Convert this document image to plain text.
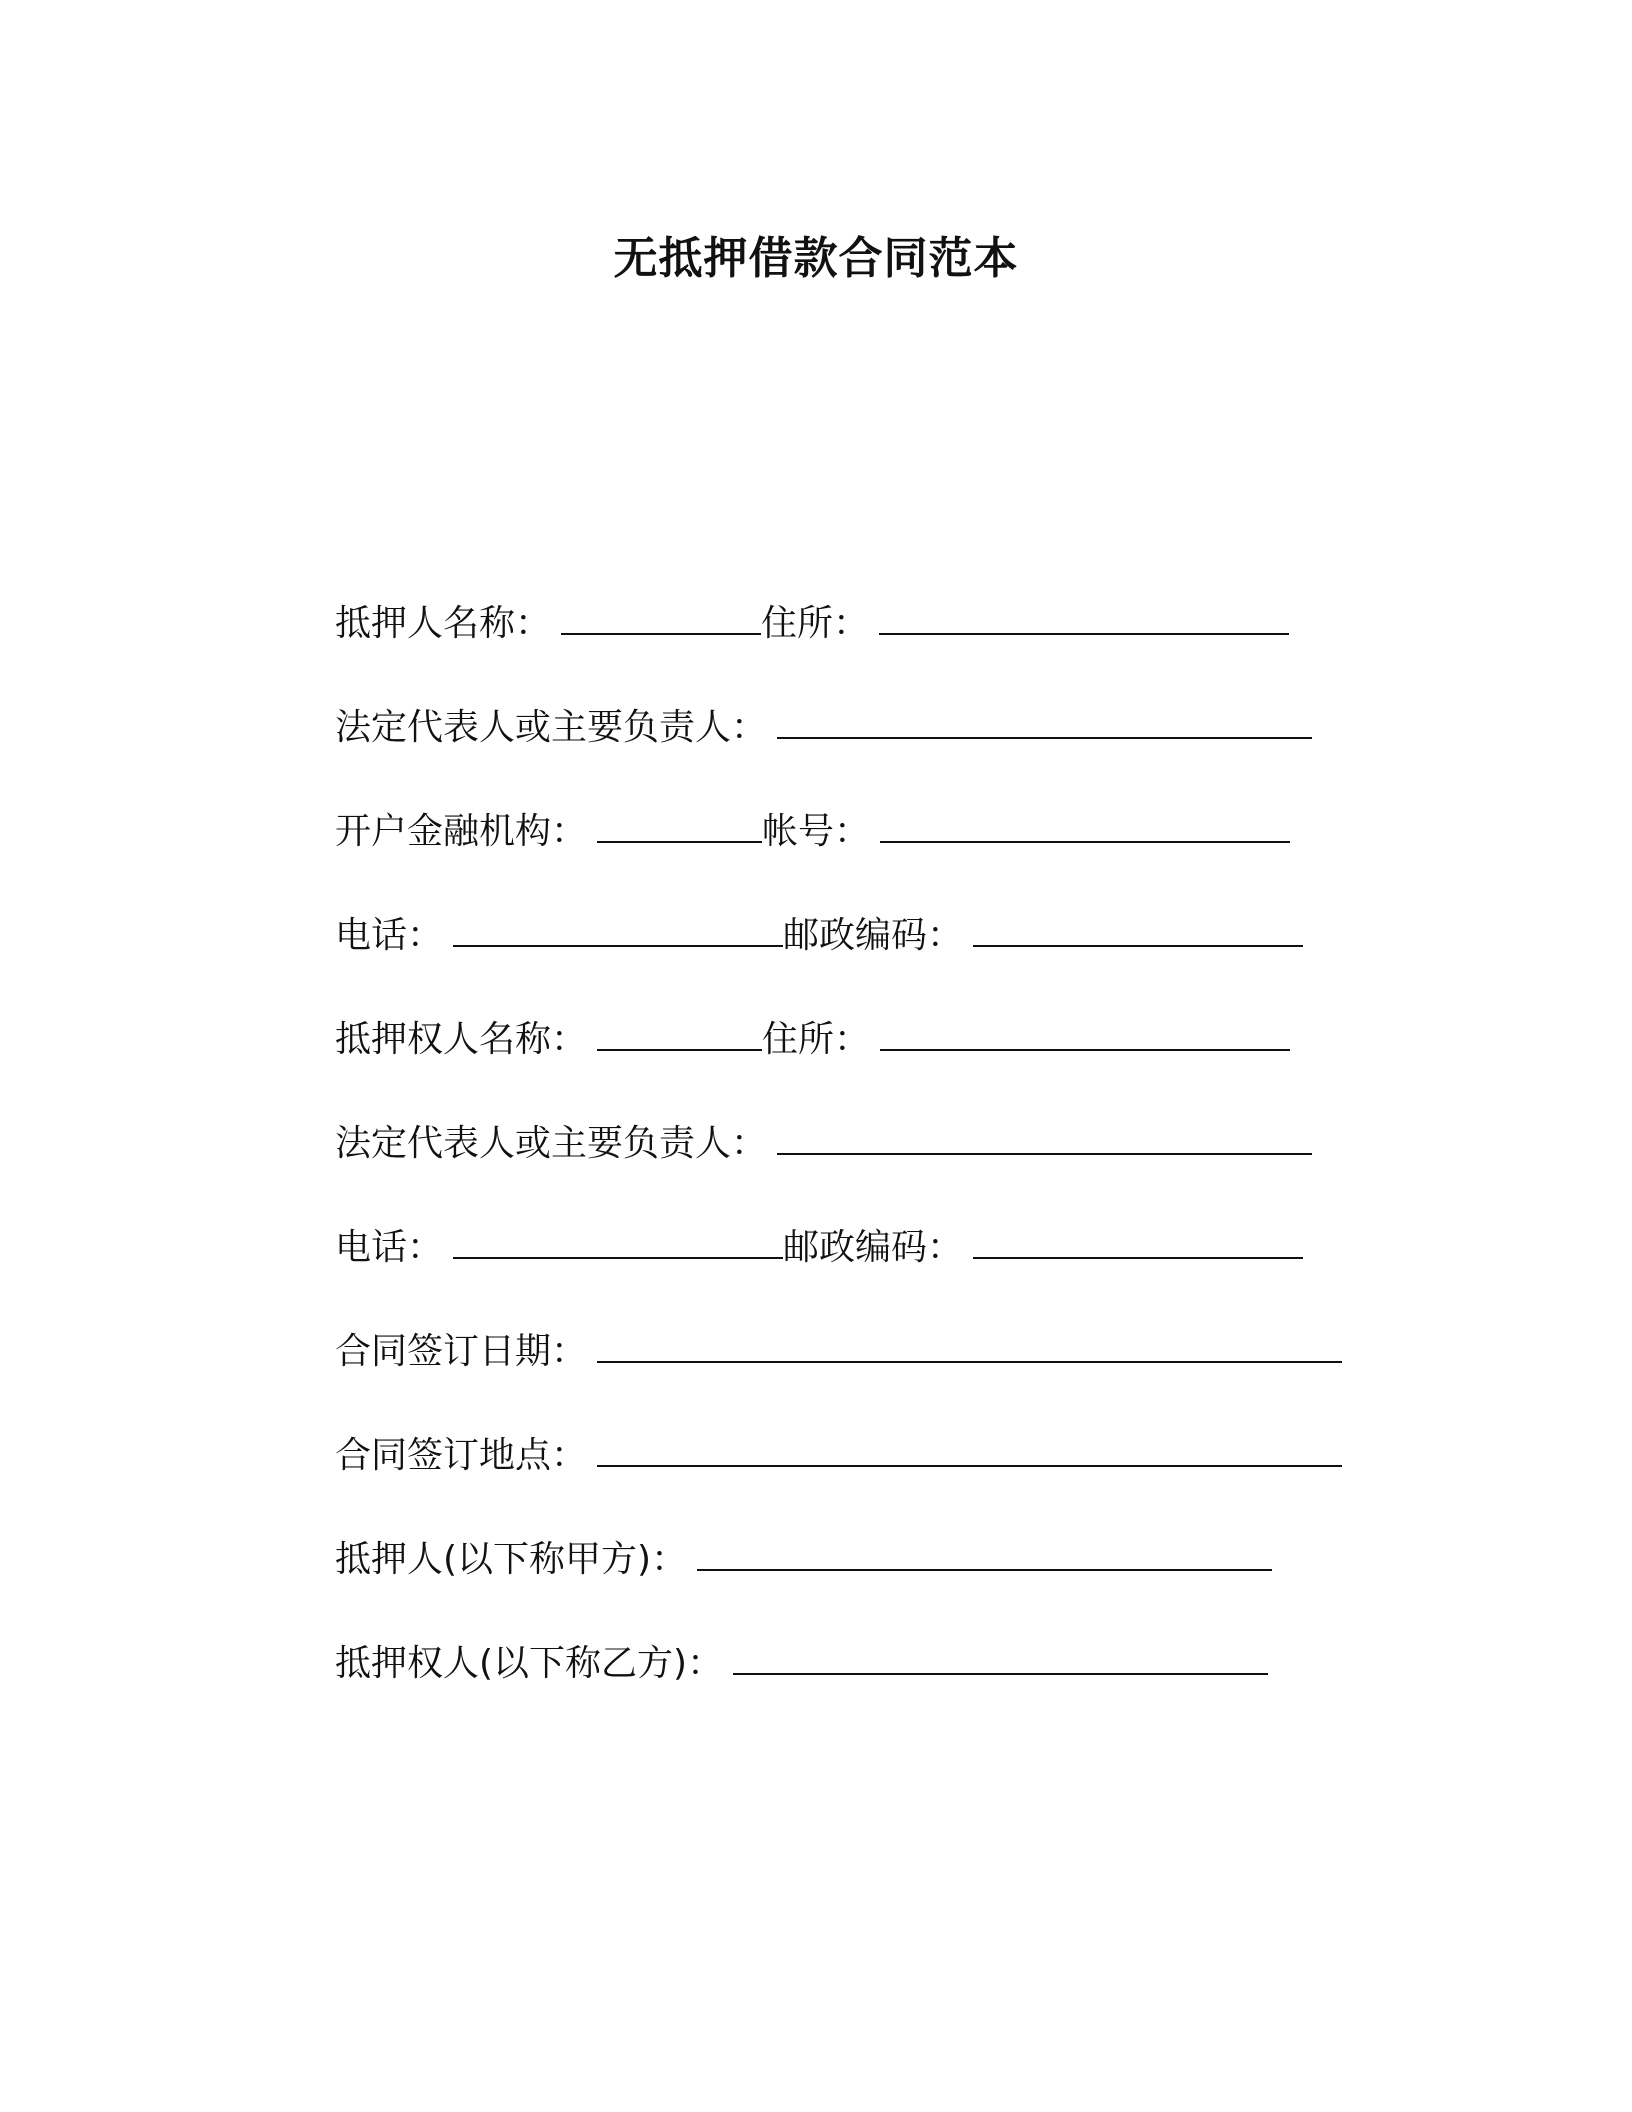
无抵押借款合同范本
抵押人名称：	住所：
法定代表人或主要负责人：
开户金融机构：	帐号：
电话：	邮政编码：
抵押权人名称：	住所：
法定代表人或主要负责人：
电话：	邮政编码：
合同签订日期：
合同签订地点：
抵押人(以下称甲方)：
抵押权人(以下称乙方)：
